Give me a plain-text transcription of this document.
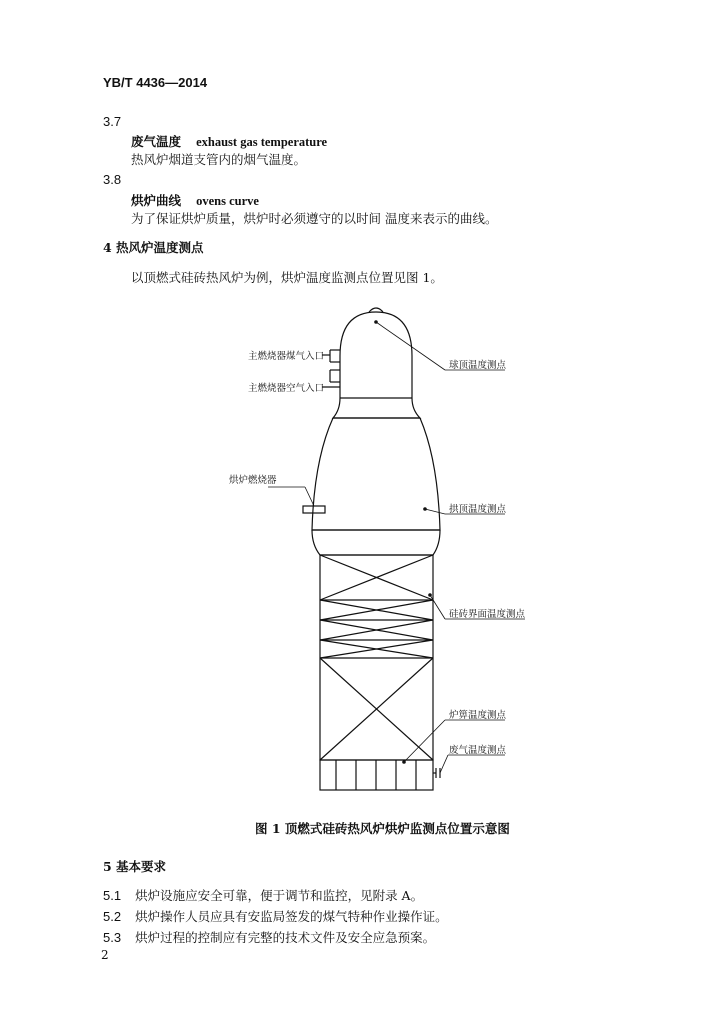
YB/T 4436—2014
3.7
废气温度 exhaust gas temperature
热风炉烟道支管内的烟气温度。
3.8
烘炉曲线 ovens curve
为了保证烘炉质量，烘炉时必须遵守的以时间 温度来表示的曲线。
4 热风炉温度测点
以顶燃式硅砖热风炉为例，烘炉温度监测点位置见图 1。
主燃烧器煤气入口
主燃烧器空气入口
球顶温度测点
烘炉燃烧器
拱顶温度测点
硅砖界面温度测点
炉箅温度测点
废气温度测点
图 1 顶燃式硅砖热风炉烘炉监测点位置示意图
5 基本要求
5.1 烘炉设施应安全可靠，便于调节和监控，见附录 A。
5.2 烘炉操作人员应具有安监局签发的煤气特种作业操作证。
5.3 烘炉过程的控制应有完整的技术文件及安全应急预案。
2
